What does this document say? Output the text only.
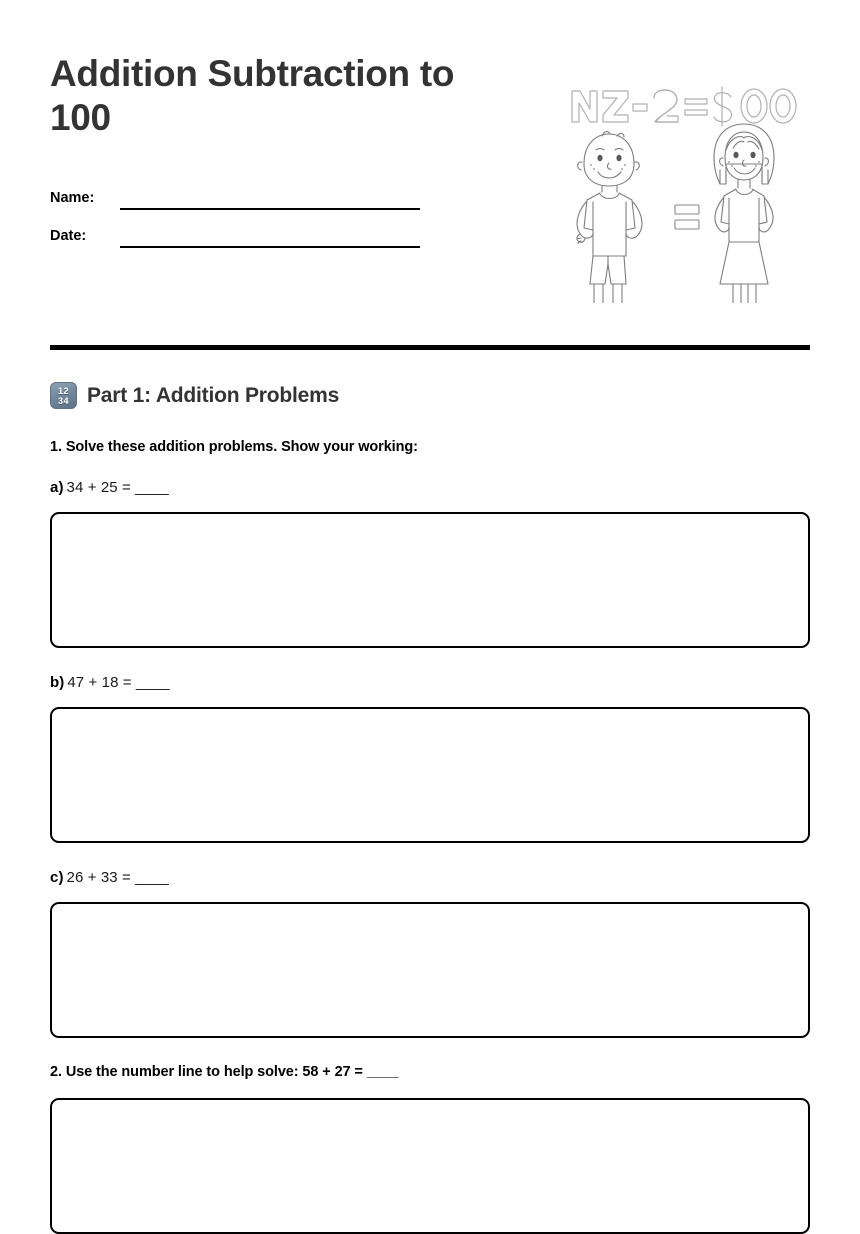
Addition Subtraction to 100
Name:
Date:
12
34 Part 1: Addition Problems
1. Solve these addition problems. Show your working:
a) 34 + 25 = ____
b) 47 + 18 = ____
c) 26 + 33 = ____
2. Use the number line to help solve: 58 + 27 = ____
